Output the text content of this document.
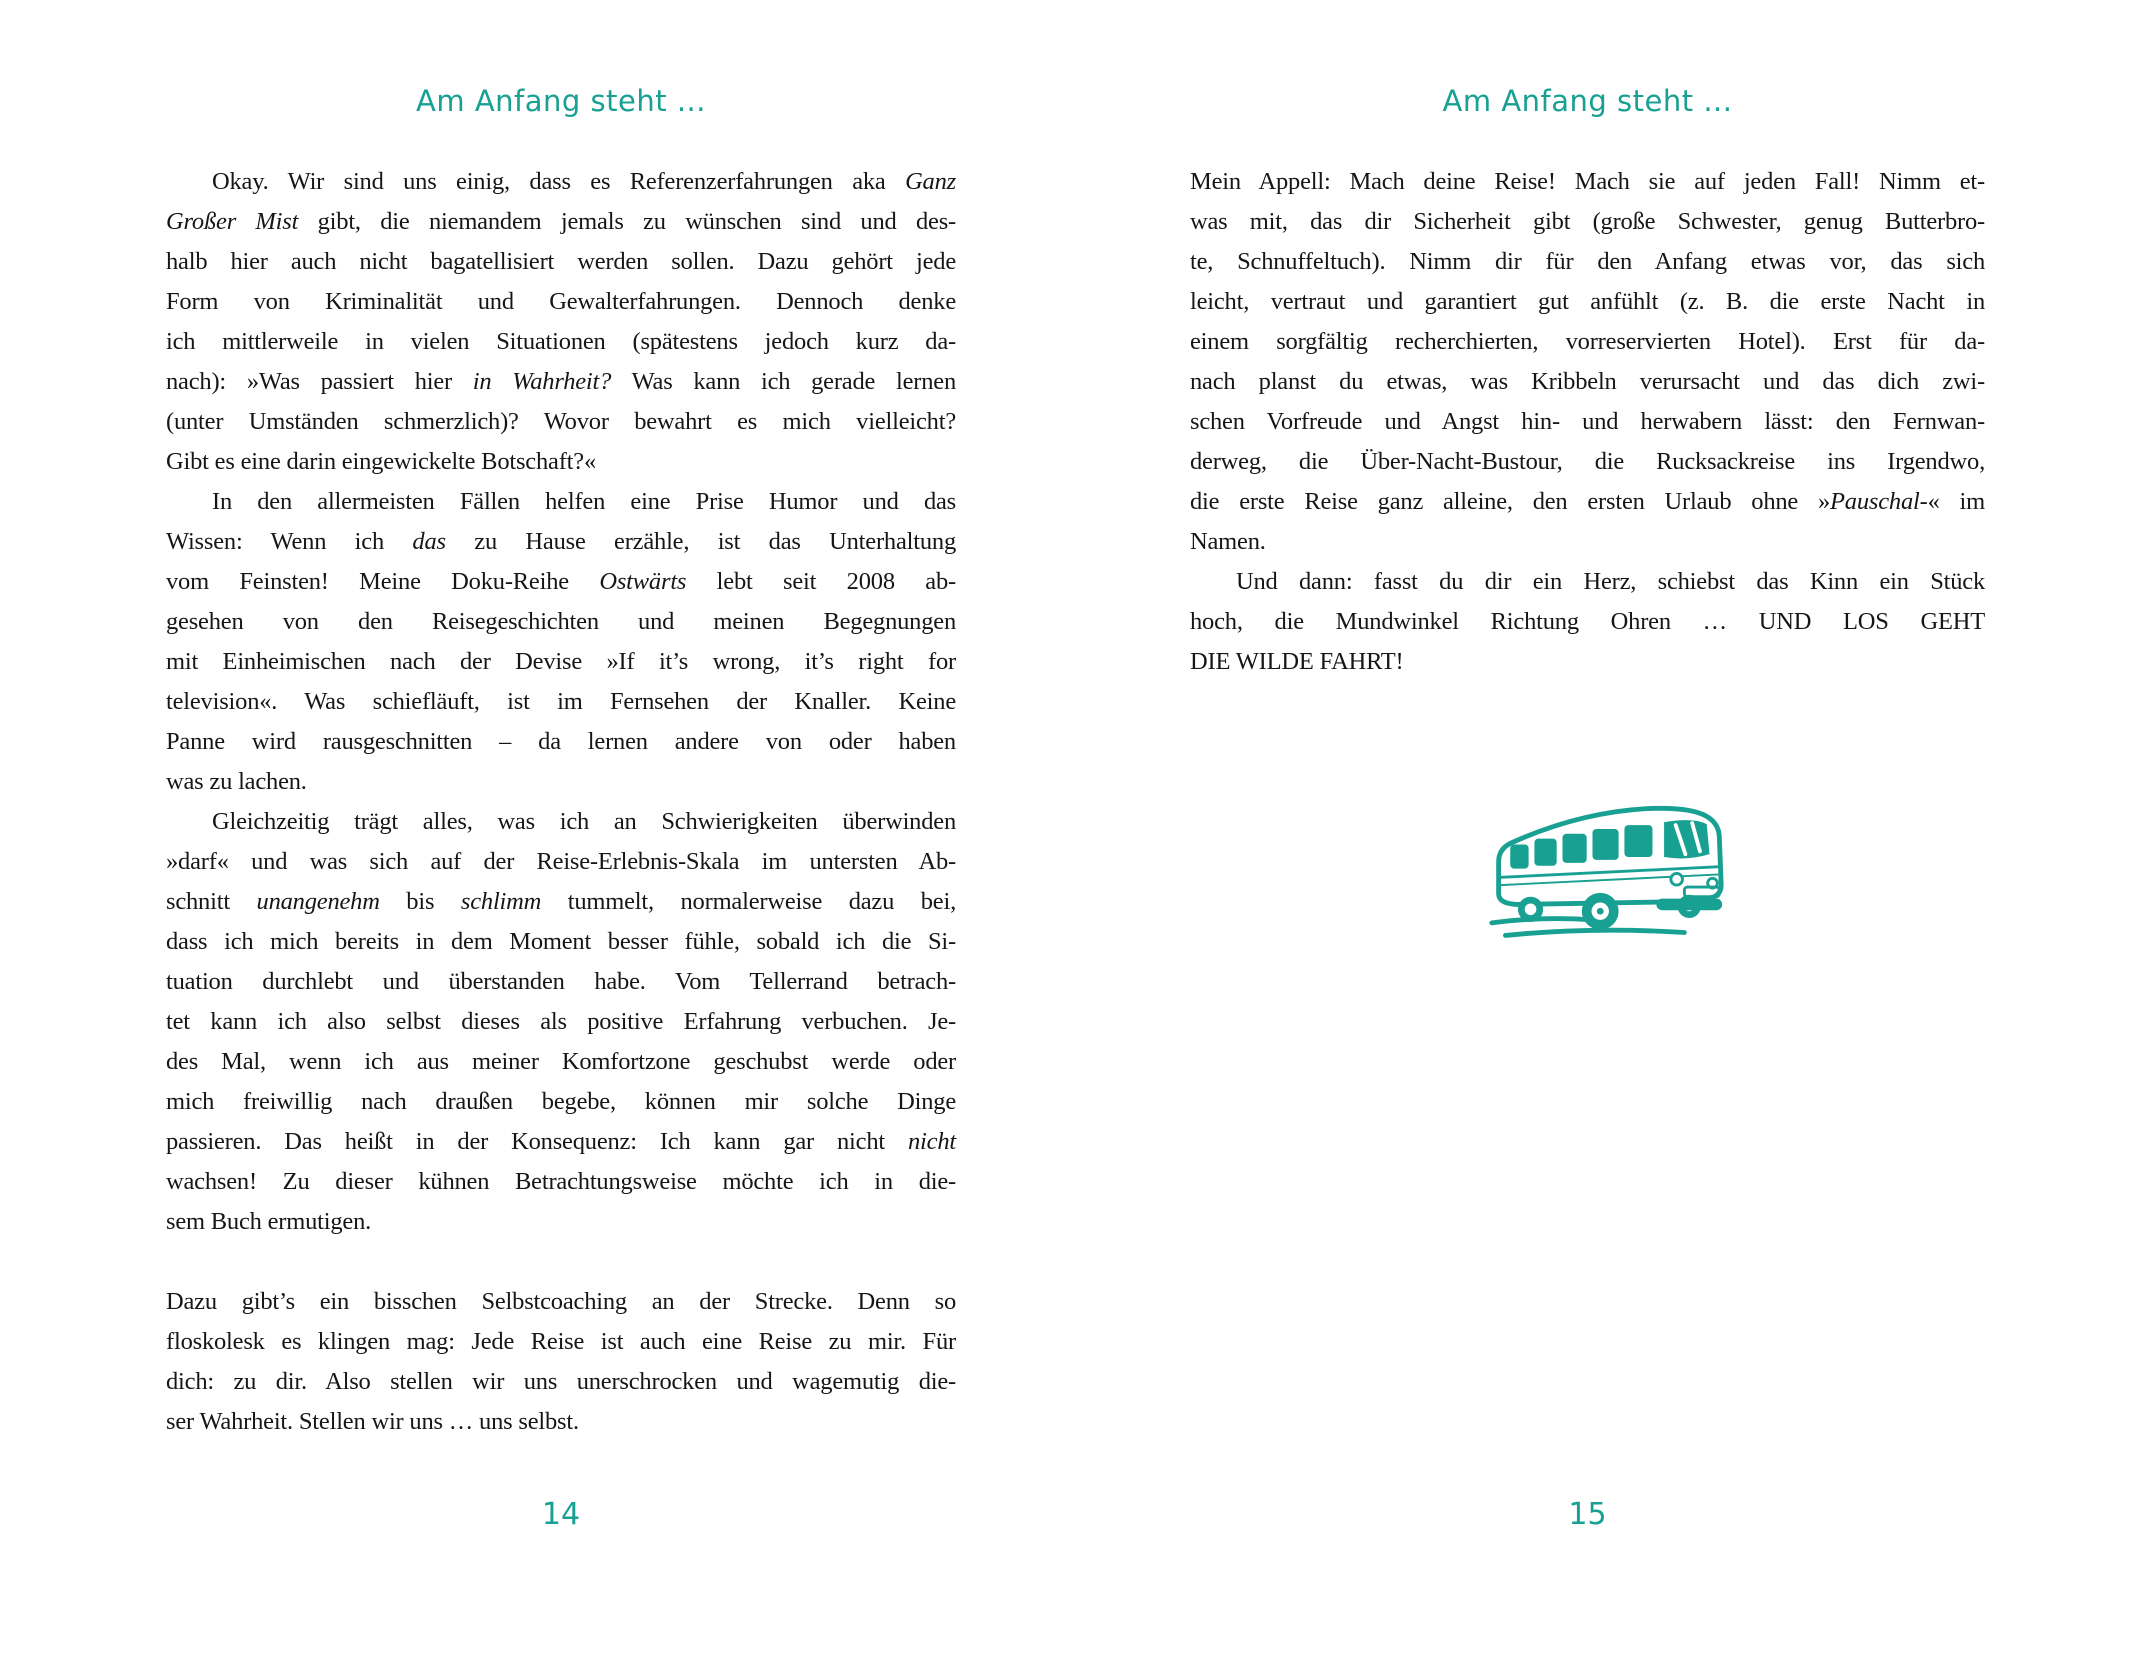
Am Anfang steht ...
Okay. Wir sind uns einig, dass es Referenzerfahrungen aka Ganz
Großer Mist gibt, die niemandem jemals zu wünschen sind und des-
halb hier auch nicht bagatellisiert werden sollen. Dazu gehört jede
Form von Kriminalität und Gewalterfahrungen. Dennoch denke
ich mittlerweile in vielen Situationen (spätestens jedoch kurz da-
nach): »Was passiert hier in Wahrheit? Was kann ich gerade lernen
(unter Umständen schmerzlich)? Wovor bewahrt es mich vielleicht?
Gibt es eine darin eingewickelte Botschaft?«
In den allermeisten Fällen helfen eine Prise Humor und das
Wissen: Wenn ich das zu Hause erzähle, ist das Unterhaltung
vom Feinsten! Meine Doku-Reihe Ostwärts lebt seit 2008 ab-
gesehen von den Reisegeschichten und meinen Begegnungen
mit Einheimischen nach der Devise »If it’s wrong, it’s right for
television«. Was schiefläuft, ist im Fernsehen der Knaller. Keine
Panne wird rausgeschnitten – da lernen andere von oder haben
was zu lachen.
Gleichzeitig trägt alles, was ich an Schwierigkeiten überwinden
»darf« und was sich auf der Reise-Erlebnis-Skala im untersten Ab-
schnitt unangenehm bis schlimm tummelt, normalerweise dazu bei,
dass ich mich bereits in dem Moment besser fühle, sobald ich die Si-
tuation durchlebt und überstanden habe. Vom Tellerrand betrach-
tet kann ich also selbst dieses als positive Erfahrung verbuchen. Je-
des Mal, wenn ich aus meiner Komfortzone geschubst werde oder
mich freiwillig nach draußen begebe, können mir solche Dinge
passieren. Das heißt in der Konsequenz: Ich kann gar nicht nicht
wachsen! Zu dieser kühnen Betrachtungsweise möchte ich in die-
sem Buch ermutigen.
Dazu gibt’s ein bisschen Selbstcoaching an der Strecke. Denn so
floskolesk es klingen mag: Jede Reise ist auch eine Reise zu mir. Für
dich: zu dir. Also stellen wir uns unerschrocken und wagemutig die-
ser Wahrheit. Stellen wir uns … uns selbst.
14
Am Anfang steht ...
Mein Appell: Mach deine Reise! Mach sie auf jeden Fall! Nimm et-
was mit, das dir Sicherheit gibt (große Schwester, genug Butterbro-
te, Schnuffeltuch). Nimm dir für den Anfang etwas vor, das sich
leicht, vertraut und garantiert gut anfühlt (z. B. die erste Nacht in
einem sorgfältig recherchierten, vorreservierten Hotel). Erst für da-
nach planst du etwas, was Kribbeln verursacht und das dich zwi-
schen Vorfreude und Angst hin- und herwabern lässt: den Fernwan-
derweg, die Über-Nacht-Bustour, die Rucksackreise ins Irgendwo,
die erste Reise ganz alleine, den ersten Urlaub ohne »Pauschal-« im
Namen.
Und dann: fasst du dir ein Herz, schiebst das Kinn ein Stück
hoch, die Mundwinkel Richtung Ohren … UND LOS GEHT
DIE WILDE FAHRT!
15
